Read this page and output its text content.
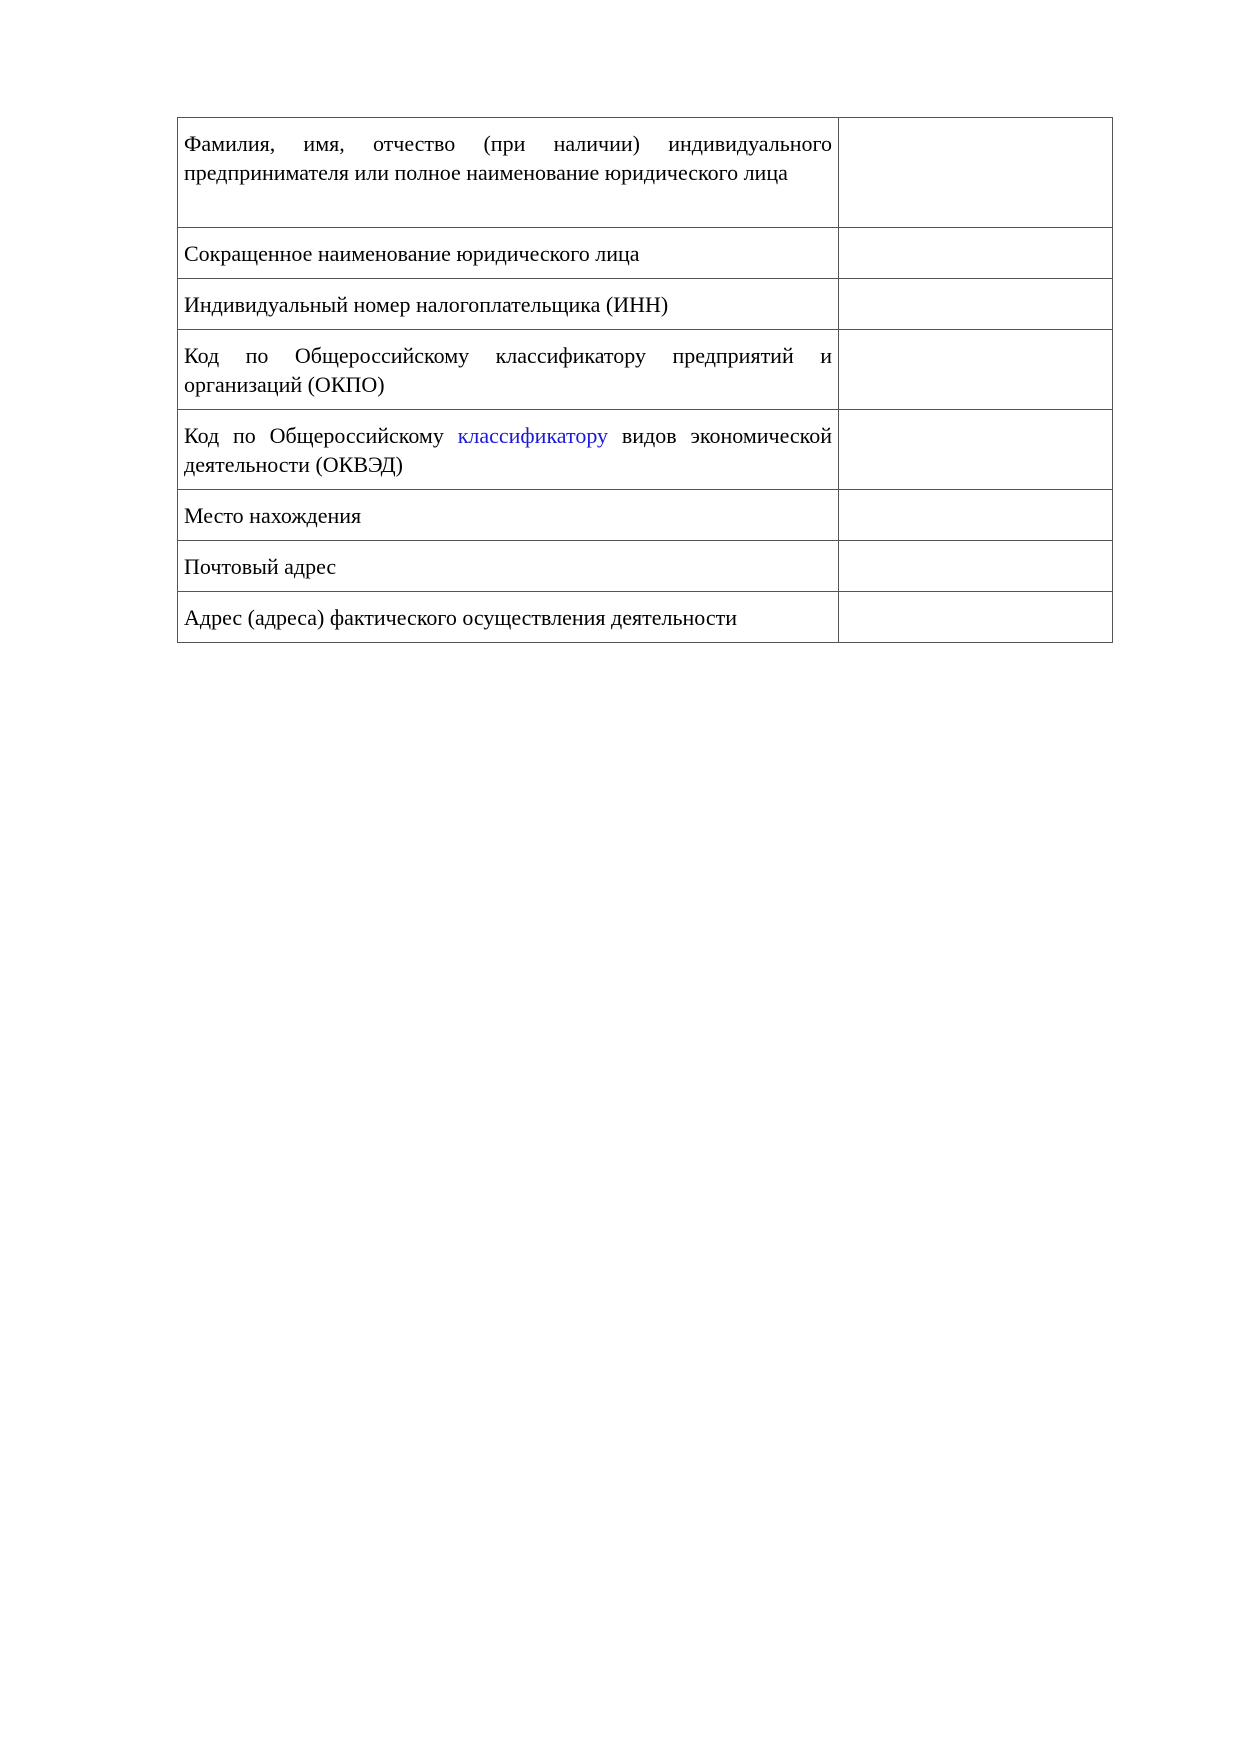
Фамилия, имя, отчество (при наличии) индивидуального предпринимателя или полное наименование юридического лица	

Сокращенное наименование юридического лица	

Индивидуальный номер налогоплательщика (ИНН)	

Код по Общероссийскому классификатору предприятий и организаций (ОКПО)	

Код по Общероссийскому классификатору видов экономической деятельности (ОКВЭД)	

Место нахождения	

Почтовый адрес	

Адрес (адреса) фактического осуществления деятельности	
